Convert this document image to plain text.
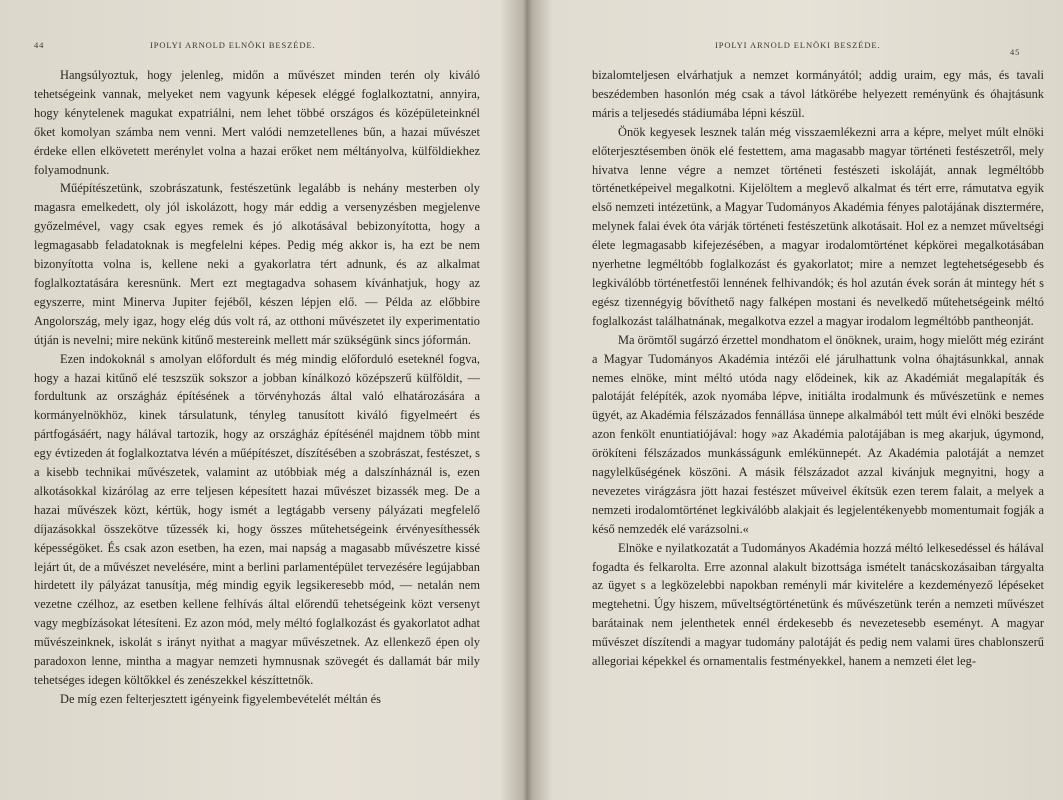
44	IPOLYI ARNOLD ELNÖKI BESZÉDE.

Hangsúlyoztuk, hogy jelenleg, midőn a művészet minden terén oly kiváló tehetségeink vannak, melyeket nem vagyunk képesek eléggé foglalkoztatni, annyira, hogy kénytelenek magukat expatriálni, nem lehet többé országos és középületeinknél őket komolyan számba nem venni. Mert valódi nemzetellenes bűn, a hazai művészet érdeke ellen elkövetett merénylet volna a hazai erőket nem méltányolva, külföldiekhez folyamodnunk.

Műépítészetünk, szobrászatunk, festészetünk legalább is nehány mesterben oly magasra emelkedett, oly jól iskolázott, hogy már eddig a versenyzésben megjelenve győzelmével, vagy csak egyes remek és jó alkotásával bebizonyította, hogy a legmagasabb feladatoknak is megfelelni képes. Pedig még akkor is, ha ezt be nem bizonyította volna is, kellene neki a gyakorlatra tért adnunk, és az alkalmat foglalkoztatására keresnünk. Mert ezt megtagadva sohasem kívánhatjuk, hogy az egyszerre, mint Minerva Jupiter fejéből, készen lépjen elő. — Példa az előbbire Angolország, mely igaz, hogy elég dús volt rá, az otthoni művészetet ily experimentatio útján is nevelni; mire nekünk kitűnő mestereink mellett már szükségünk sincs jóformán.

Ezen indokoknál s amolyan előfordult és még mindig előforduló eseteknél fogva, hogy a hazai kitűnő elé teszszük sokszor a jobban kínálkozó középszerű külföldit, — fordultunk az országház építésének a törvényhozás által való elhatározására a kormányelnökhöz, kinek társulatunk, tényleg tanusított kiváló figyelmeért és pártfogásáért, nagy hálával tartozik, hogy az országház építésénél majdnem több mint egy évtizeden át foglalkoztatva lévén a műépítészet, díszítésében a szobrászat, festészet, s a kisebb technikai művészetek, valamint az utóbbiak még a dalszínháznál is, ezen alkotásokkal kizárólag az erre teljesen képesített hazai művészet bizassék meg. De a hazai művészek közt, kértük, hogy ismét a legtágabb verseny pályázati megfelelő díjazásokkal összekötve tűzessék ki, hogy összes műtehetségeink érvényesíthessék képességöket. És csak azon esetben, ha ezen, mai napság a magasabb művészetre kissé lejárt út, de a művészet nevelésére, mint a berlini parlamentépület tervezésére legújabban hirdetett ily pályázat tanusítja, még mindig egyik legsikeresebb mód, — netalán nem vezetne czélhoz, az esetben kellene felhívás által előrendű tehetségeink közt versenyt vagy megbízásokat létesíteni. Ez azon mód, mely méltó foglalkozást és gyakorlatot adhat művészeinknek, iskolát s irányt nyithat a magyar művészetnek. Az ellenkező épen oly paradoxon lenne, mintha a magyar nemzeti hymnusnak szövegét és dallamát bár mily tehetséges idegen költőkkel és zenészekkel készíttetnők.

De míg ezen felterjesztett igényeink figyelembevételét méltán és

IPOLYI ARNOLD ELNÖKI BESZÉDE.
45

bizalomteljesen elvárhatjuk a nemzet kormányától; addig uraim, egy más, és tavali beszédemben hasonlón még csak a távol látkörébe helyezett reményünk és óhajtásunk máris a teljesedés stádiumába lépni készül.

Önök kegyesek lesznek talán még visszaemlékezni arra a képre, melyet múlt elnöki előterjesztésemben önök elé festettem, ama magasabb magyar történeti festészetről, mely hivatva lenne végre a nemzet történeti festészeti iskoláját, annak legméltóbb történetképeivel megalkotni. Kijelöltem a meglevő alkalmat és tért erre, rámutatva egyik első nemzeti intézetünk, a Magyar Tudományos Akadémia fényes palotájának disztermére, melynek falai évek óta várják történeti festészetünk alkotásait. Hol ez a nemzet műveltségi élete legmagasabb kifejezésében, a magyar irodalomtörténet képkörei megalkotásában nyerhetne legméltóbb foglalkozást és gyakorlatot; mire a nemzet legtehetségesebb és legkiválóbb történetfestői lennének felhivandók; és hol azután évek során át mintegy hét s egész tizennégyig bővíthető nagy falképen mostani és nevelkedő műtehetségeink méltó foglalkozást találhatnának, megalkotva ezzel a magyar irodalom legméltóbb pantheonját.

Ma örömtől sugárzó érzettel mondhatom el önöknek, uraim, hogy mielőtt még eziránt a Magyar Tudományos Akadémia intézői elé járulhattunk volna óhajtásunkkal, annak nemes elnöke, mint méltó utóda nagy elődeinek, kik az Akadémiát megalapíták és palotáját felépíték, azok nyomába lépve, initiálta irodalmunk és művészetünk e nemes ügyét, az Akadémia félszázados fennállása ünnepe alkalmából tett múlt évi elnöki beszéde azon fenkölt enuntiatiójával: hogy »az Akadémia palotájában is meg akarjuk, úgymond, örökíteni félszázados munkásságunk emlékünnepét. Az Akadémia palotáját a nemzet nagylelkűségének köszöni. A másik félszázadot azzal kivánjuk megnyitni, hogy a nevezetes virágzásra jött hazai festészet műveivel ékítsük ezen terem falait, a melyek a nemzeti irodalomtörténet legkiválóbb alakjait és legjelentékenyebb momentumait fogják a késő nemzedék elé varázsolni.«

Elnöke e nyilatkozatát a Tudományos Akadémia hozzá méltó lelkesedéssel és hálával fogadta és felkarolta. Erre azonnal alakult bizottsága ismételt tanácskozásaiban tárgyalta az ügyet s a legközelebbi napokban reményli már kivitelére a kezdeményező lépéseket megtehetni. Úgy hiszem, műveltségtörténetünk és művészetünk terén a nemzeti művészet barátainak nem jelenthetek ennél érdekesebb és nevezetesebb eseményt. A magyar művészet díszítendi a magyar tudomány palotáját és pedig nem valami üres chablonszerű allegoriai képekkel és ornamentalis festményekkel, hanem a nemzeti élet leg-
